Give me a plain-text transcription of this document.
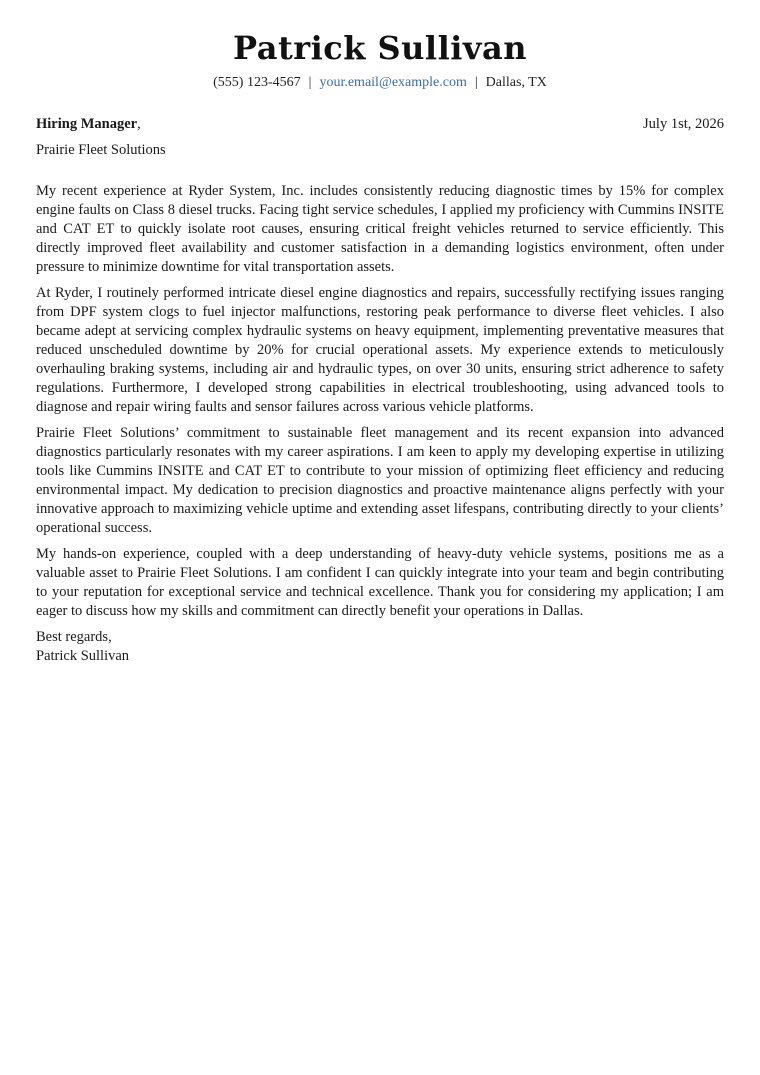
Patrick Sullivan
(555) 123-4567 | your.email@example.com | Dallas, TX
Hiring Manager,	July 1st, 2026
Prairie Fleet Solutions

My recent experience at Ryder System, Inc. includes consistently reducing diagnostic times by 15% for complex engine faults on Class 8 diesel trucks. Facing tight service schedules, I applied my proficiency with Cummins INSITE and CAT ET to quickly isolate root causes, ensuring critical freight vehicles returned to service efficiently. This directly improved fleet availability and customer satisfaction in a demanding logistics environment, often under pressure to minimize downtime for vital transportation assets.

At Ryder, I routinely performed intricate diesel engine diagnostics and repairs, successfully rectifying issues ranging from DPF system clogs to fuel injector malfunctions, restoring peak performance to diverse fleet vehicles. I also became adept at servicing complex hydraulic systems on heavy equipment, implementing preventative measures that reduced unscheduled downtime by 20% for crucial operational assets. My experience extends to meticulously overhauling braking systems, including air and hydraulic types, on over 30 units, ensuring strict adherence to safety regulations. Furthermore, I developed strong capabilities in electrical troubleshooting, using advanced tools to diagnose and repair wiring faults and sensor failures across various vehicle platforms.

Prairie Fleet Solutions’ commitment to sustainable fleet management and its recent expansion into advanced diagnostics particularly resonates with my career aspirations. I am keen to apply my developing expertise in utilizing tools like Cummins INSITE and CAT ET to contribute to your mission of optimizing fleet efficiency and reducing environmental impact. My dedication to precision diagnostics and proactive maintenance aligns perfectly with your innovative approach to maximizing vehicle uptime and extending asset lifespans, contributing directly to your clients’ operational success.

My hands-on experience, coupled with a deep understanding of heavy-duty vehicle systems, positions me as a valuable asset to Prairie Fleet Solutions. I am confident I can quickly integrate into your team and begin contributing to your reputation for exceptional service and technical excellence. Thank you for considering my application; I am eager to discuss how my skills and commitment can directly benefit your operations in Dallas.

Best regards,
Patrick Sullivan
